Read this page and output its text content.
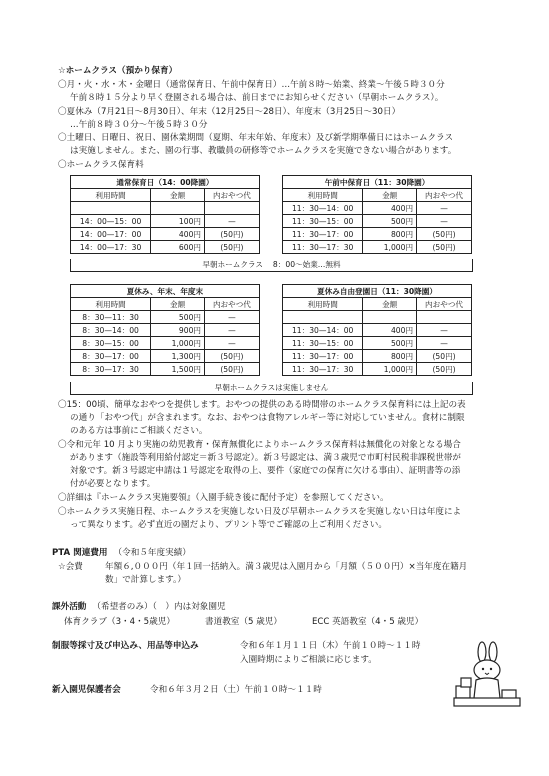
☆ホームクラス（預かり保育）
〇月・火・水・木・金曜日（通常保育日、午前中保育日）…午前８時〜始業、終業〜午後５時３０分
午前８時１５分より早く登園される場合は、前日までにお知らせください（早朝ホームクラス）。
〇夏休み（7月21日〜8月30日）、年末（12月25日〜28日）、年度末（3月25日〜30日）
…午前８時３０分〜午後５時３０分
〇土曜日、日曜日、祝日、園休業期間（夏期、年末年始、年度末）及び新学期準備日にはホームクラス
は実施しません。また、園の行事、教職員の研修等でホームクラスを実施できない場合があります。
〇ホームクラス保育料
通常保育日（14：00降園）				午前中保育日（11：30降園）		
利用時間	金額	内おやつ代		利用時間	金額	内おやつ代
				11：30—14：00	400円	—
14：00—15：00	100円	—		11：30—15：00	500円	—
14：00—17：00	400円	(50円)		11：30—17：00	800円	(50円)
14：00—17：30	600円	(50円)		11：30—17：30	1,000円	(50円)
早朝ホームクラス　 8：00〜始業…無料
夏休み、年末、年度末				夏休み自由登園日（11：30降園）		
利用時間	金額	内おやつ代		利用時間	金額	内おやつ代
8：30—11：30	500円	—				
8：30—14：00	900円	—		11：30—14：00	400円	—
8：30—15：00	1,000円	—		11：30—15：00	500円	—
8：30—17：00	1,300円	(50円)		11：30—17：00	800円	(50円)
8：30—17：30	1,500円	(50円)		11：30—17：30	1,000円	(50円)
早朝ホームクラスは実施しません
〇15：00頃、簡単なおやつを提供します。おやつの提供のある時間帯のホームクラス保育料には上記の表
の通り「おやつ代」が含まれます。なお、おやつは食物アレルギー等に対応していません。食材に制限
のある方は事前にご相談ください。
〇令和元年 10 月より実施の幼児教育・保育無償化によりホームクラス保育料は無償化の対象となる場合
があります（施設等利用給付認定＝新３号認定）。新３号認定は、満３歳児で市町村民税非課税世帯が
対象です。新３号認定申請は１号認定を取得の上、要件（家庭での保育に欠ける事由）、証明書等の添
付が必要となります。
〇詳細は『ホームクラス実施要領』（入園手続き後に配付予定）を参照してください。
〇ホームクラス実施日程、ホームクラスを実施しない日及び早朝ホームクラスを実施しない日は年度によ
って異なります。必ず直近の園だより、プリント等でご確認の上ご利用ください。
PTA 関連費用 （令和５年度実績）
☆会費	年額６,０００円（年１回一括納入。満３歳児は入園月から「月額（５００円）×当年度在籍月
数」で計算します。）
課外活動 （希望者のみ）（　）内は対象園児
体育クラブ（3・4・5歳児）	書道教室（5 歳児）	ECC 英語教室（4・5 歳児）
制服等採寸及び申込み、用品等申込み	令和６年１月１１日（木）午前１０時〜１１時
入園時期によりご相談に応じます。
新入園児保護者会	令和６年３月２日（土）午前１０時〜１１時
